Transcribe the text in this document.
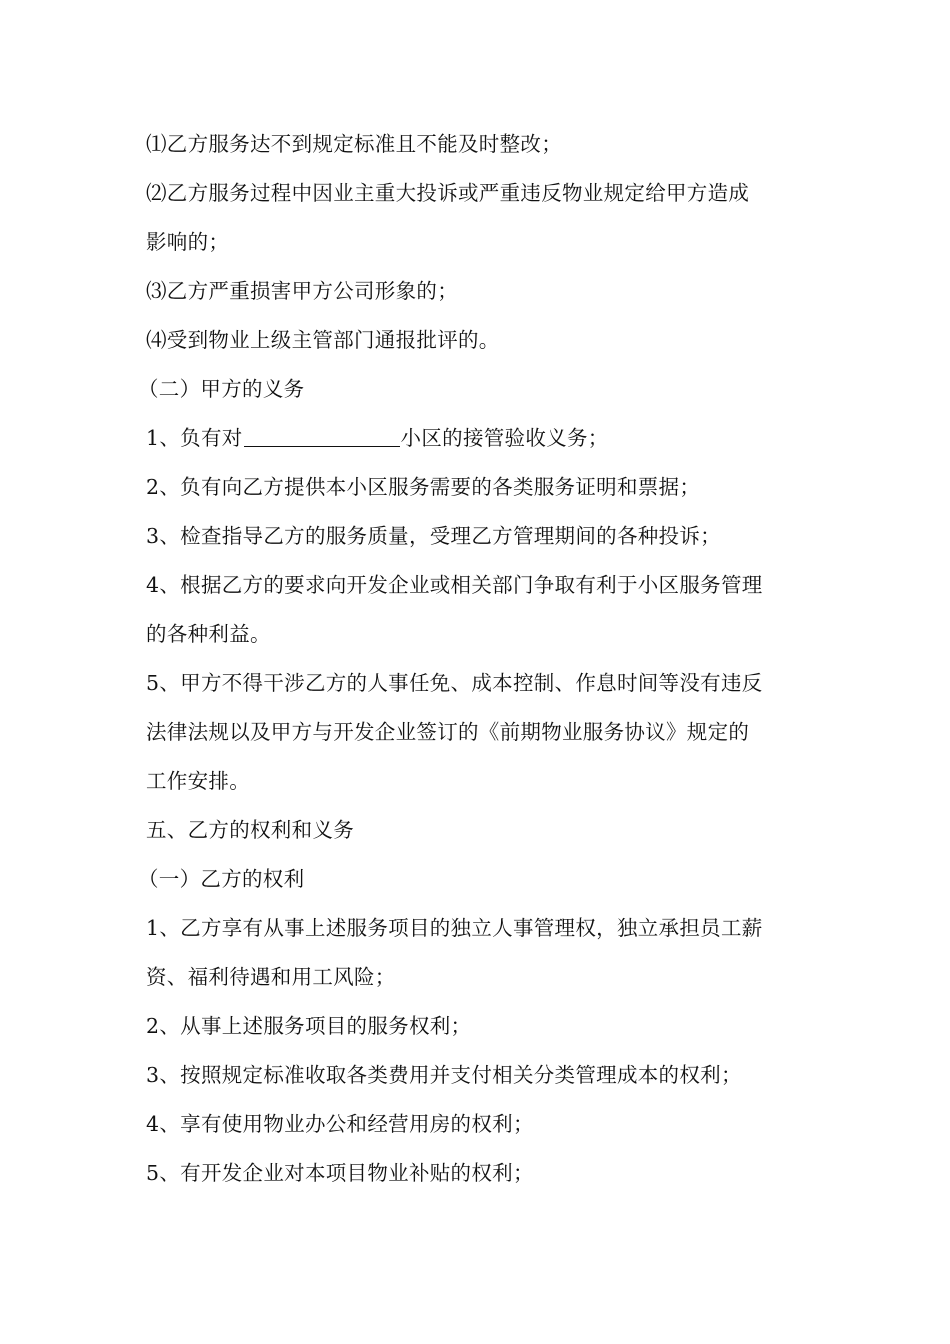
⑴乙方服务达不到规定标准且不能及时整改；
⑵乙方服务过程中因业主重大投诉或严重违反物业规定给甲方造成
影响的；
⑶乙方严重损害甲方公司形象的；
⑷受到物业上级主管部门通报批评的。
（二）甲方的义务
1、负有对	小区的接管验收义务；
2、负有向乙方提供本小区服务需要的各类服务证明和票据；
3、检查指导乙方的服务质量，受理乙方管理期间的各种投诉；
4、根据乙方的要求向开发企业或相关部门争取有利于小区服务管理
的各种利益。
5、甲方不得干涉乙方的人事任免、成本控制、作息时间等没有违反
法律法规以及甲方与开发企业签订的《前期物业服务协议》规定的
工作安排。
五、乙方的权利和义务
（一）乙方的权利
1、乙方享有从事上述服务项目的独立人事管理权，独立承担员工薪
资、福利待遇和用工风险；
2、从事上述服务项目的服务权利；
3、按照规定标准收取各类费用并支付相关分类管理成本的权利；
4、享有使用物业办公和经营用房的权利；
5、有开发企业对本项目物业补贴的权利；
